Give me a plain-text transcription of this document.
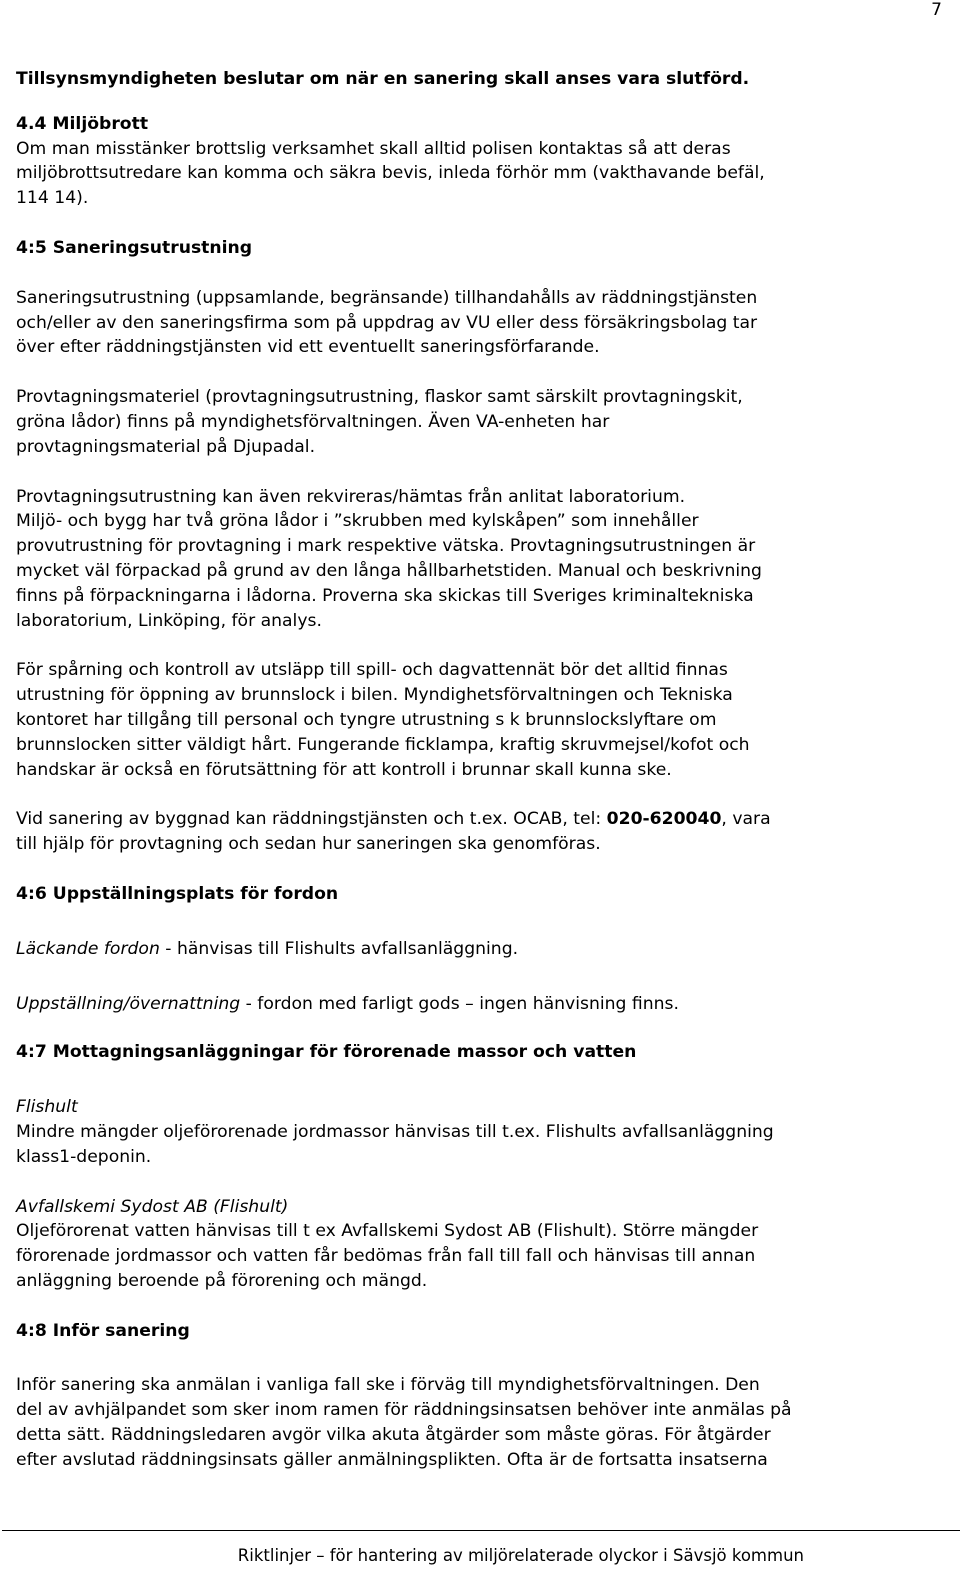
7

Tillsynsmyndigheten beslutar om när en sanering skall anses vara slutförd.

4.4 Miljöbrott

Om man misstänker brottslig verksamhet skall alltid polisen kontaktas så att deras

miljöbrottsutredare kan komma och säkra bevis, inleda förhör mm (vakthavande befäl,

114 14).

4:5 Saneringsutrustning

Saneringsutrustning (uppsamlande, begränsande) tillhandahålls av räddningstjänsten

och/eller av den saneringsfirma som på uppdrag av VU eller dess försäkringsbolag tar

över efter räddningstjänsten vid ett eventuellt saneringsförfarande.

Provtagningsmateriel (provtagningsutrustning, flaskor samt särskilt provtagningskit,

gröna lådor) finns på myndighetsförvaltningen. Även VA-enheten har

provtagningsmaterial på Djupadal.

Provtagningsutrustning kan även rekvireras/hämtas från anlitat laboratorium.

Miljö- och bygg har två gröna lådor i ”skrubben med kylskåpen” som innehåller

provutrustning för provtagning i mark respektive vätska. Provtagningsutrustningen är

mycket väl förpackad på grund av den långa hållbarhetstiden. Manual och beskrivning

finns på förpackningarna i lådorna. Proverna ska skickas till Sveriges kriminaltekniska

laboratorium, Linköping, för analys.

För spårning och kontroll av utsläpp till spill- och dagvattennät bör det alltid finnas

utrustning för öppning av brunnslock i bilen. Myndighetsförvaltningen och Tekniska

kontoret har tillgång till personal och tyngre utrustning s k brunnslockslyftare om

brunnslocken sitter väldigt hårt. Fungerande ficklampa, kraftig skruvmejsel/kofot och

handskar är också en förutsättning för att kontroll i brunnar skall kunna ske.

Vid sanering av byggnad kan räddningstjänsten och t.ex. OCAB, tel: 020-620040, vara

till hjälp för provtagning och sedan hur saneringen ska genomföras.

4:6 Uppställningsplats för fordon

Läckande fordon - hänvisas till Flishults avfallsanläggning.

Uppställning/övernattning - fordon med farligt gods – ingen hänvisning finns.

4:7 Mottagningsanläggningar för förorenade massor och vatten

Flishult

Mindre mängder oljeförorenade jordmassor hänvisas till t.ex. Flishults avfallsanläggning

klass1-deponin.

Avfallskemi Sydost AB (Flishult)

Oljeförorenat vatten hänvisas till t ex Avfallskemi Sydost AB (Flishult). Större mängder

förorenade jordmassor och vatten får bedömas från fall till fall och hänvisas till annan

anläggning beroende på förorening och mängd.

4:8 Inför sanering

Inför sanering ska anmälan i vanliga fall ske i förväg till myndighetsförvaltningen. Den

del av avhjälpandet som sker inom ramen för räddningsinsatsen behöver inte anmälas på

detta sätt. Räddningsledaren avgör vilka akuta åtgärder som måste göras. För åtgärder

efter avslutad räddningsinsats gäller anmälningsplikten. Ofta är de fortsatta insatserna

Riktlinjer – för hantering av miljörelaterade olyckor i Sävsjö kommun
